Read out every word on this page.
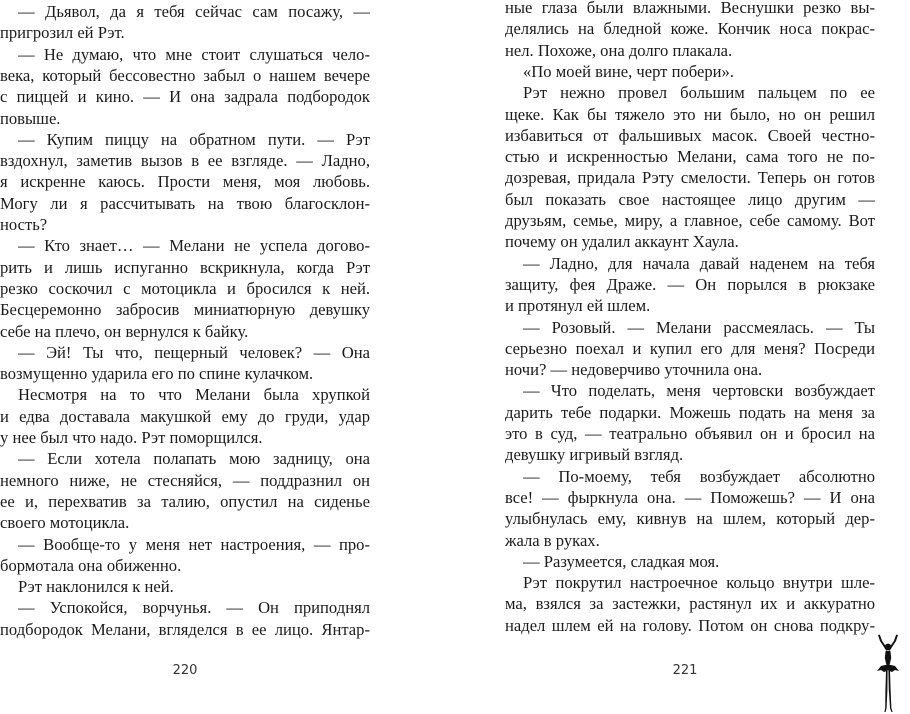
— Дьявол, да я тебя сейчас сам посажу, —
пригрозил ей Рэт.
— Не думаю, что мне стоит слушаться чело-
века, который бессовестно забыл о нашем вечере
с пиццей и кино. — И она задрала подбородок
повыше.
— Купим пиццу на обратном пути. — Рэт
вздохнул, заметив вызов в ее взгляде. — Ладно,
я искренне каюсь. Прости меня, моя любовь.
Могу ли я рассчитывать на твою благосклон-
ность?
— Кто знает… — Мелани не успела догово-
рить и лишь испуганно вскрикнула, когда Рэт
резко соскочил с мотоцикла и бросился к ней.
Бесцеремонно забросив миниатюрную девушку
себе на плечо, он вернулся к байку.
— Эй! Ты что, пещерный человек? — Она
возмущенно ударила его по спине кулачком.
Несмотря на то что Мелани была хрупкой
и едва доставала макушкой ему до груди, удар
у нее был что надо. Рэт поморщился.
— Если хотела полапать мою задницу, она
немного ниже, не стесняйся, — поддразнил он
ее и, перехватив за талию, опустил на сиденье
своего мотоцикла.
— Вообще-то у меня нет настроения, — про-
бормотала она обиженно.
Рэт наклонился к ней.
— Успокойся, ворчунья. — Он приподнял
подбородок Мелани, вгляделся в ее лицо. Янтар-
220
ные глаза были влажными. Веснушки резко вы-
делялись на бледной коже. Кончик носа покрас-
нел. Похоже, она долго плакала.
«По моей вине, черт побери».
Рэт нежно провел большим пальцем по ее
щеке. Как бы тяжело это ни было, но он решил
избавиться от фальшивых масок. Своей честно-
стью и искренностью Мелани, сама того не по-
дозревая, придала Рэту смелости. Теперь он готов
был показать свое настоящее лицо другим —
друзьям, семье, миру, а главное, себе самому. Вот
почему он удалил аккаунт Хаула.
— Ладно, для начала давай наденем на тебя
защиту, фея Драже. — Он порылся в рюкзаке
и протянул ей шлем.
— Розовый. — Мелани рассмеялась. — Ты
серьезно поехал и купил его для меня? Посреди
ночи? — недоверчиво уточнила она.
— Что поделать, меня чертовски возбуждает
дарить тебе подарки. Можешь подать на меня за
это в суд, — театрально объявил он и бросил на
девушку игривый взгляд.
— По-моему, тебя возбуждает абсолютно
все! — фыркнула она. — Поможешь? — И она
улыбнулась ему, кивнув на шлем, который дер-
жала в руках.
— Разумеется, сладкая моя.
Рэт покрутил настроечное кольцо внутри шле-
ма, взялся за застежки, растянул их и аккуратно
надел шлем ей на голову. Потом он снова подкру-
221
